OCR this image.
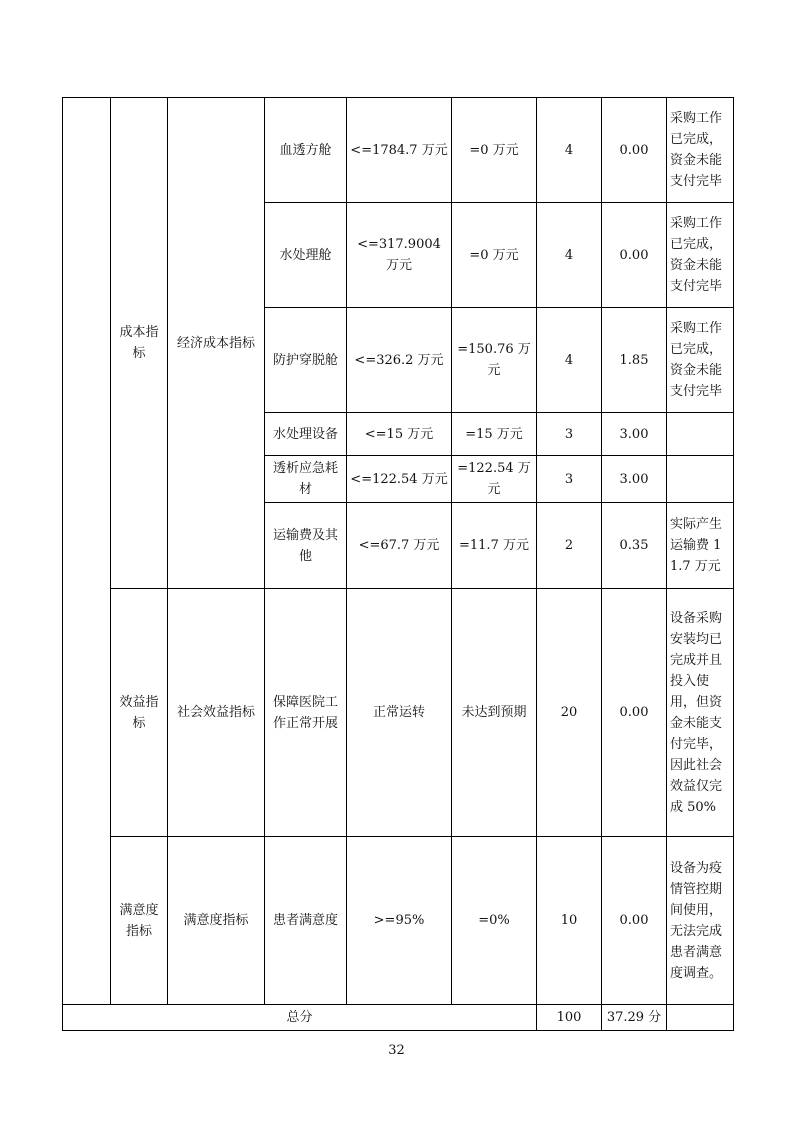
	成本指标	经济成本指标	血透方舱	<=1784.7 万元	=0 万元	4	0.00	采购工作已完成，资金未能支付完毕
			水处理舱	<=317.9004 万元	=0 万元	4	0.00	采购工作已完成，资金未能支付完毕
			防护穿脱舱	<=326.2 万元	=150.76 万元	4	1.85	采购工作已完成，资金未能支付完毕
			水处理设备	<=15 万元	=15 万元	3	3.00	
			透析应急耗材	<=122.54 万元	=122.54 万元	3	3.00	
			运输费及其他	<=67.7 万元	=11.7 万元	2	0.35	实际产生运输费 11.7 万元
	效益指标	社会效益指标	保障医院工作正常开展	正常运转	未达到预期	20	0.00	设备采购安装均已完成并且投入使用，但资金未能支付完毕，因此社会效益仅完成 50%
	满意度指标	满意度指标	患者满意度	>=95%	=0%	10	0.00	设备为疫情管控期间使用，无法完成患者满意度调查。
总分						100	37.29 分	
32
